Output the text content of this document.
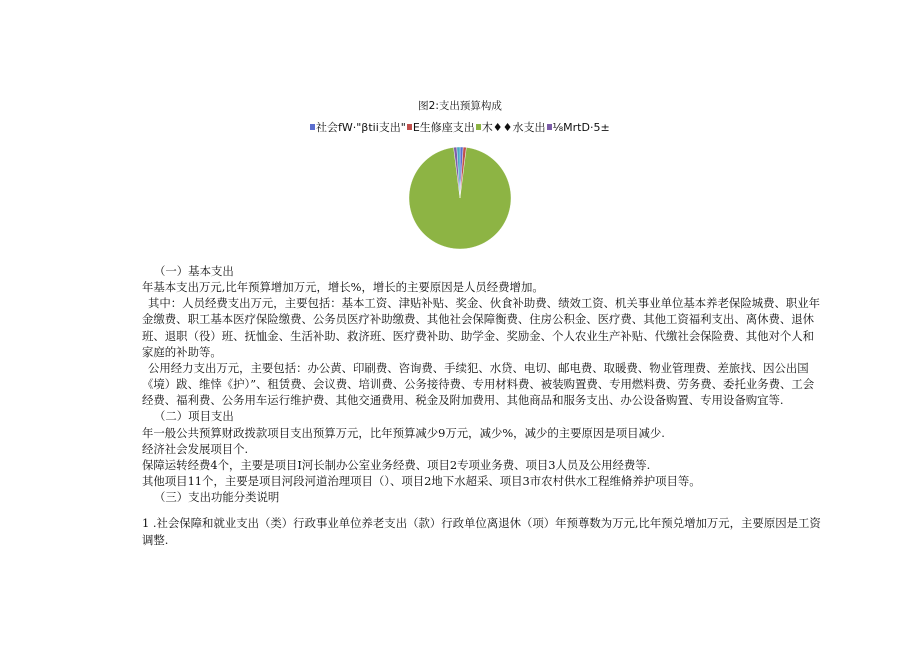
图2:支出预算构成
社会fW·"βtii支出" E生修座支出 木♦♦水支出 ⅛MrtD·5±
（一）基本支出
年基本支出万元,比年预算增加万元，增长%，增长的主要原因是人员经费增加。
其中：人员经费支出万元，主要包括：基本工资、津贴补贴、奖金、伙食补助费、绩效工资、机关事业单位基本养老保险城费、职业年金缴费、职工基本医疗保险缴费、公务员医疗补助缴费、其他社会保障衡费、住房公积金、医疗费、其他工资福利支出、离休费、退休班、退职（役）班、抚恤金、生活补助、救济班、医疗费补助、助学金、奖励金、个人农业生产补贴、代缴社会保险费、其他对个人和家庭的补助等。
公用经力支出万元，主要包括：办公黄、印刷费、咨询费、手续犯、水贷、电切、邮电费、取暖费、物业管理费、差旅找、因公出国《境）跋、维悻《护）”、租赁费、会议费、培训费、公务接待费、专用材料费、被装购置费、专用燃料费、劳务费、委托业务费、工会经费、福利费、公务用车运行维护费、其他交通费用、税金及附加费用、其他商品和服务支出、办公设备购置、专用设备购宜等.
（二）项目支出
年一般公共预算财政拨款项目支出预算万元，比年预算减少9万元，减少%，减少的主要原因是项目减少.
经济社会发展项目个.
保障运转经费4个，主要是项目I河长制办公室业务经费、项目2专项业务费、项目3人员及公用经费等.
其他项目11个，主要是项目河段河道治理项目（）、项目2地下水超采、项目3市农村供水工程维脩养护项目等。
（三）支出功能分类说明
1 .社会保障和就业支出（类）行政事业单位养老支出（款）行政单位离退休（项）年预尊数为万元,比年预兑增加万元，主要原因是工资调整.
